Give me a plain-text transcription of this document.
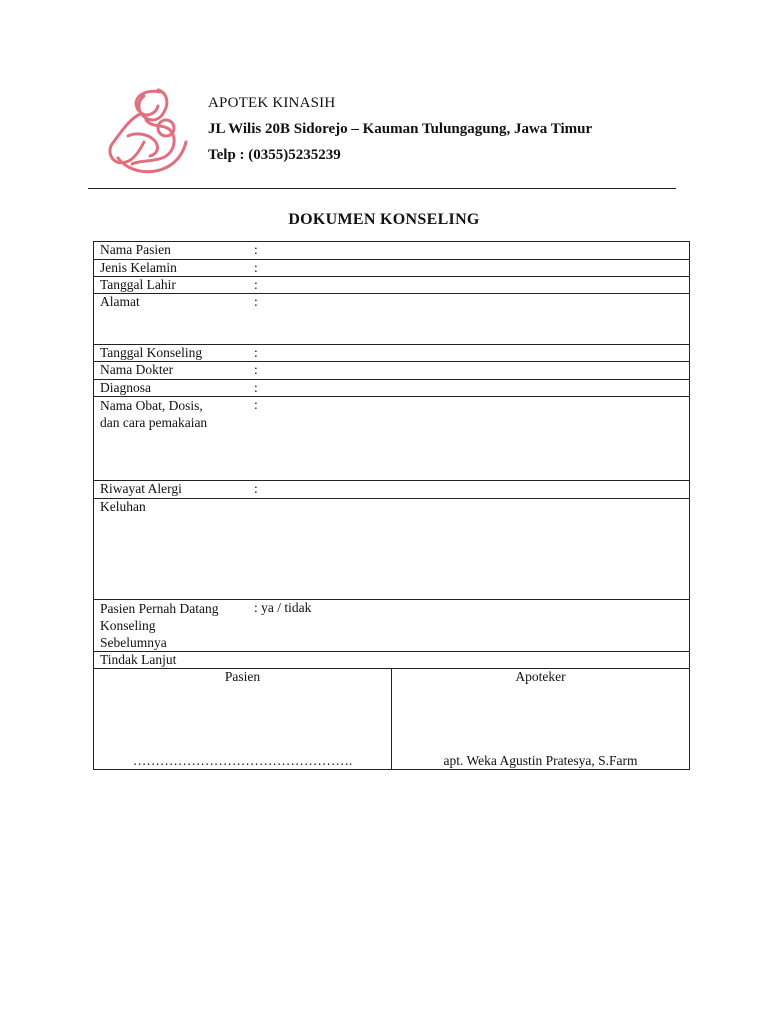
APOTEK KINASIH
JL Wilis 20B Sidorejo – Kauman Tulungagung, Jawa Timur
Telp : (0355)5235239
DOKUMEN KONSELING
Nama Pasien	:
Jenis Kelamin	:
Tanggal Lahir	:
Alamat	:
Tanggal Konseling	:
Nama Dokter	:
Diagnosa	:
Nama Obat, Dosis,
dan cara pemakaian:
Riwayat Alergi	:
Keluhan
Pasien Pernah Datang
Konseling
Sebelumnya: ya / tidak
Tindak Lanjut

Pasien
………………………………………….

Apoteker
apt. Weka Agustin Pratesya, S.Farm
